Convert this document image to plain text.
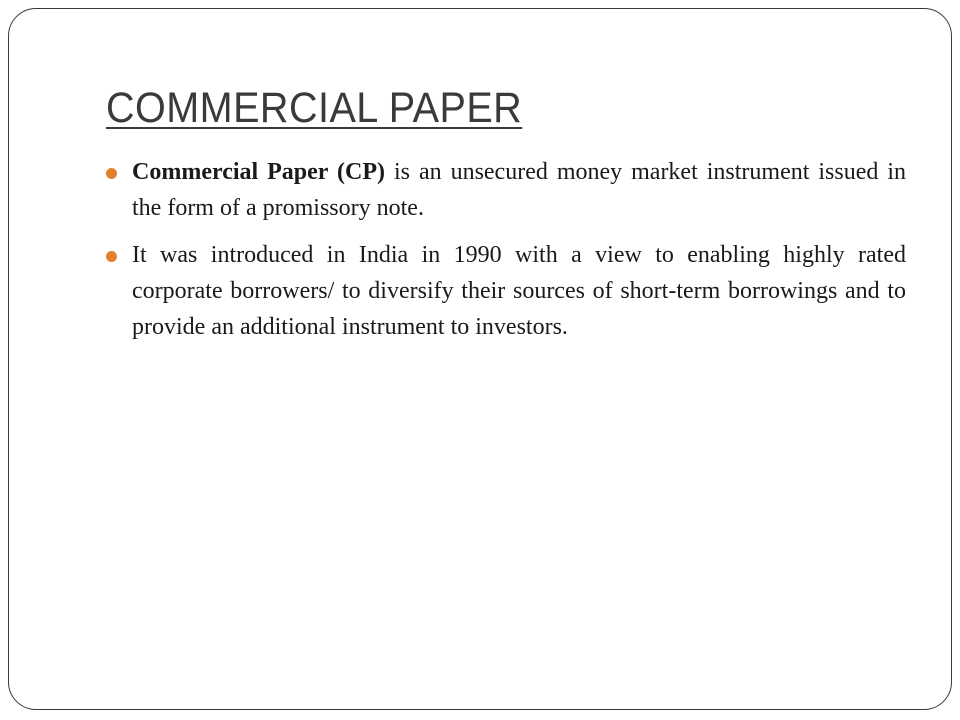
COMMERCIAL PAPER
Commercial Paper (CP) is an unsecured money market instrument issued in the form of a promissory note.
It was introduced in India in 1990 with a view to enabling highly rated corporate borrowers/ to diversify their sources of short-term borrowings and to provide an additional instrument to investors.
